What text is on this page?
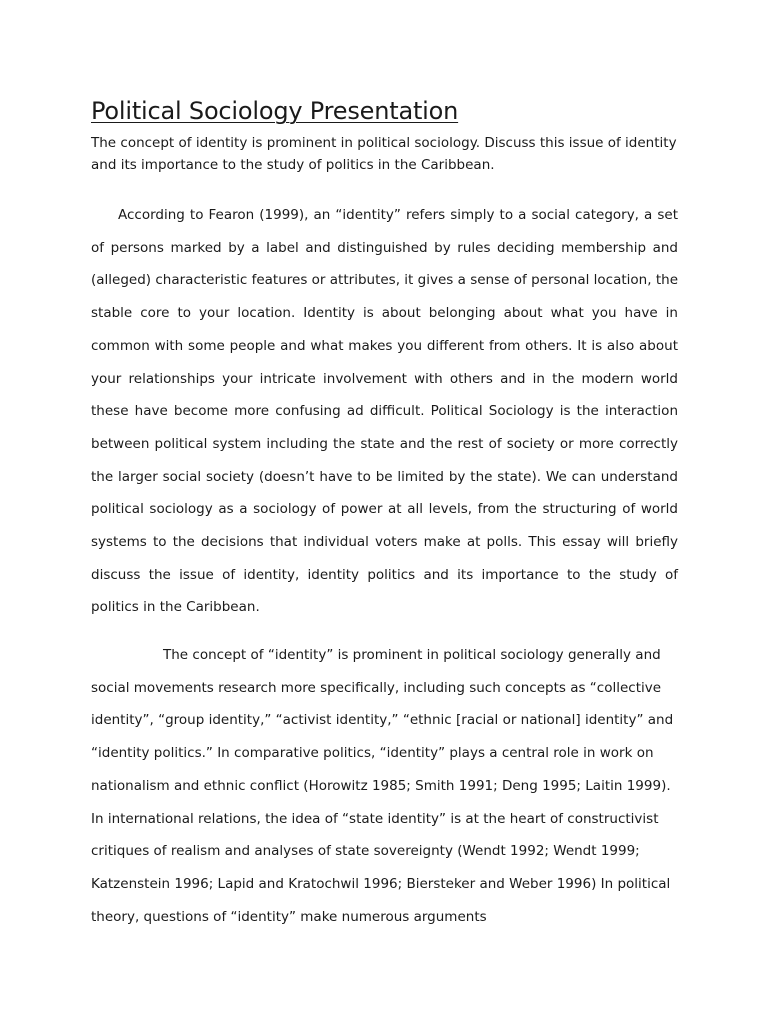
Political Sociology Presentation

The concept of identity is prominent in political sociology. Discuss this issue of identity and its importance to the study of politics in the Caribbean.

According to Fearon (1999), an “identity” refers simply to a social category, a set of persons marked by a label and distinguished by rules deciding membership and (alleged) characteristic features or attributes, it gives a sense of personal location, the stable core to your location. Identity is about belonging about what you have in common with some people and what makes you different from others. It is also about your relationships your intricate involvement with others and in the modern world these have become more confusing ad difficult. Political Sociology is the interaction between political system including the state and the rest of society or more correctly the larger social society (doesn’t have to be limited by the state). We can understand political sociology as a sociology of power at all levels, from the structuring of world systems to the decisions that individual voters make at polls. This essay will briefly discuss the issue of identity, identity politics and its importance to the study of politics in the Caribbean.

The concept of “identity” is prominent in political sociology generally and social movements research more specifically, including such concepts as “collective identity”, “group identity,” “activist identity,” “ethnic [racial or national] identity” and “identity politics.” In comparative politics, “identity” plays a central role in work on nationalism and ethnic conflict (Horowitz 1985; Smith 1991; Deng 1995; Laitin 1999). In international relations, the idea of “state identity” is at the heart of constructivist critiques of realism and analyses of state sovereignty (Wendt 1992; Wendt 1999; Katzenstein 1996; Lapid and Kratochwil 1996; Biersteker and Weber 1996) In political theory, questions of “identity” make numerous arguments
